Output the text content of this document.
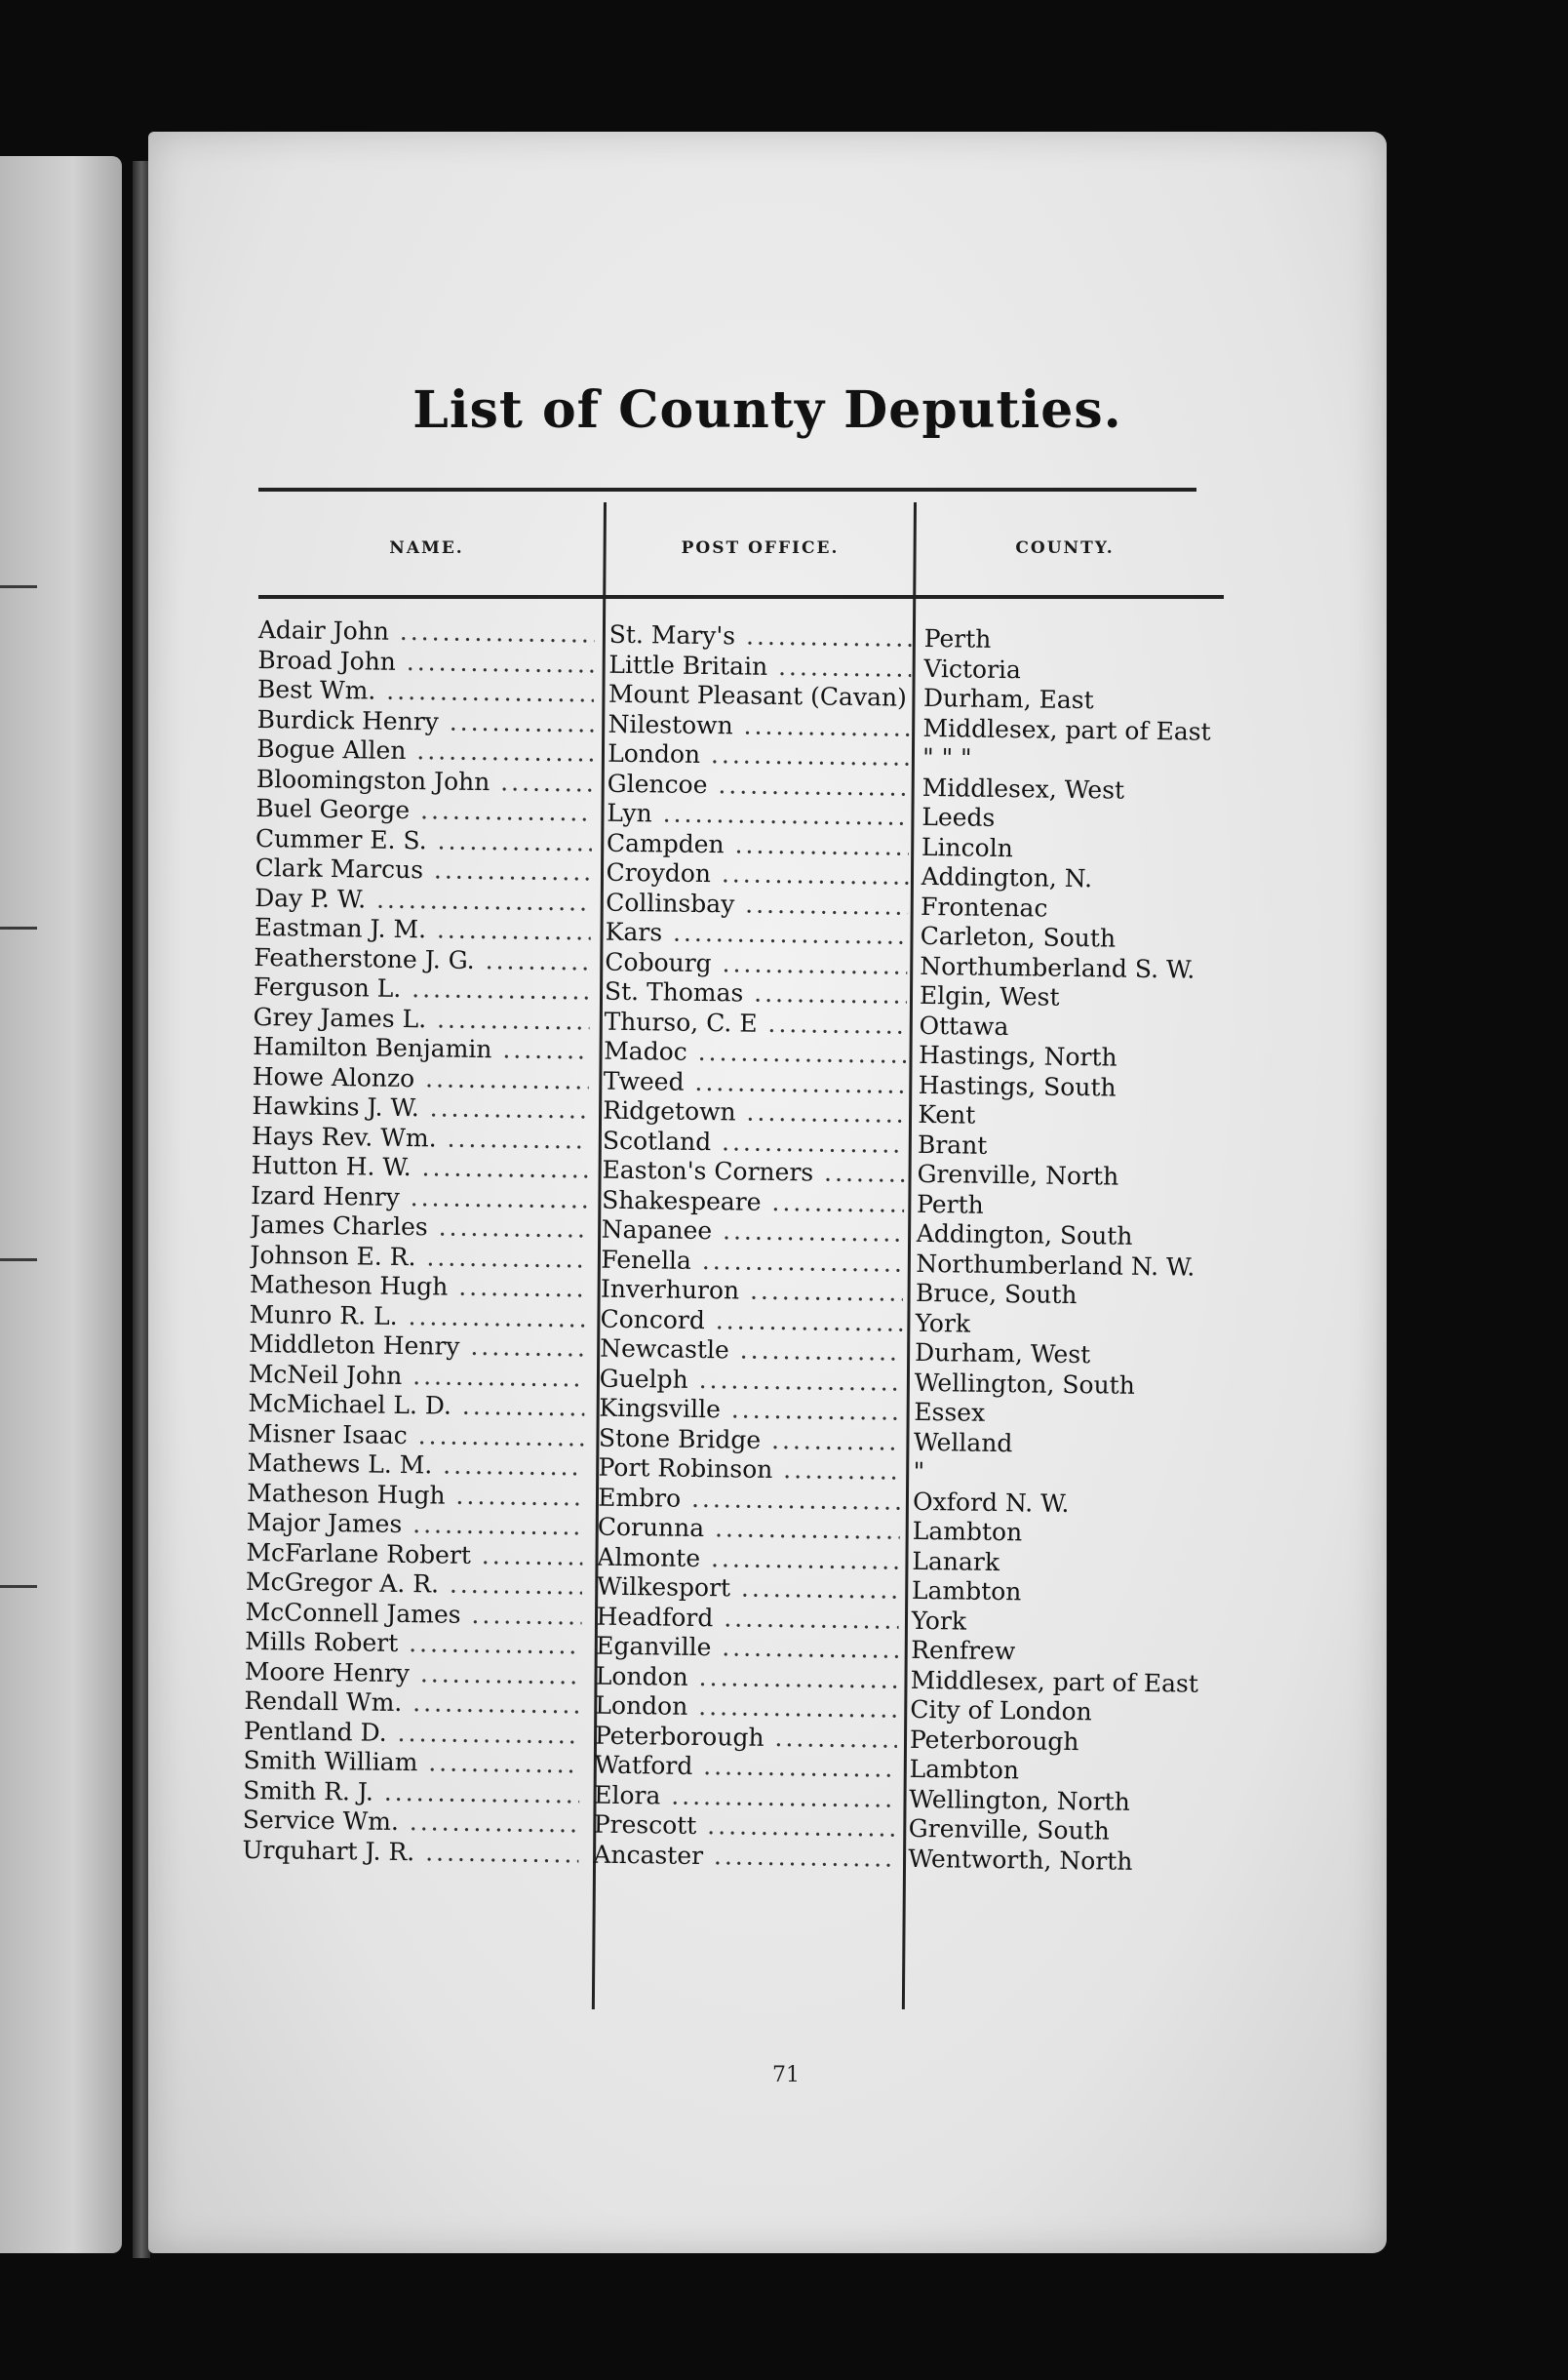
List of County Deputies.
NAME.	POST OFFICE.	COUNTY.
Adair John .....	St. Mary's .....	Perth
Broad John .....	Little Britain .....	Victoria
Best Wm. .....	Mount Pleasant (Cavan) ..... Durham, East
Burdick Henry .....	Nilestown .....	Middlesex, part of East
Bogue Allen .....	London .....	" " "
Bloomingston John .....	Glencoe .....	Middlesex, West
Buel George .....	Lyn .....	Leeds
Cummer E. S. .....	Campden .....	Lincoln
Clark Marcus .....	Croydon .....	Addington, N.
Day P. W. .....	Collinsbay .....	Frontenac
Eastman J. M. .....	Kars .....	Carleton, South
Featherstone J. G. .....	Cobourg .....	Northumberland S. W.
Ferguson L. .....	St. Thomas .....	Elgin, West
Grey James L. .....	Thurso, C. E .....	Ottawa
Hamilton Benjamin .....	Madoc .....	Hastings, North
Howe Alonzo .....	Tweed .....	Hastings, South
Hawkins J. W. .....	Ridgetown .....	Kent
Hays Rev. Wm. .....	Scotland .....	Brant
Hutton H. W. .....	Easton's Corners .....	Grenville, North
Izard Henry .....	Shakespeare .....	Perth
James Charles .....	Napanee .....	Addington, South
Johnson E. R. .....	Fenella .....	Northumberland N. W.
Matheson Hugh .....	Inverhuron .....	Bruce, South
Munro R. L. .....	Concord .....	York
Middleton Henry .....	Newcastle .....	Durham, West
McNeil John .....	Guelph .....	Wellington, South
McMichael L. D. .....	Kingsville .....	Essex
Misner Isaac .....	Stone Bridge .....	Welland
Mathews L. M. .....	Port Robinson .....	"
Matheson Hugh .....	Embro .....	Oxford N. W.
Major James .....	Corunna .....	Lambton
McFarlane Robert .....	Almonte .....	Lanark
McGregor A. R. .....	Wilkesport .....	Lambton
McConnell James .....	Headford .....	York
Mills Robert .....	Eganville .....	Renfrew
Moore Henry .....	London .....	Middlesex, part of East
Rendall Wm. .....	London .....	City of London
Pentland D. .....	Peterborough .....	Peterborough
Smith William .....	Watford .....	Lambton
Smith R. J. .....	Elora .....	Wellington, North
Service Wm. .....	Prescott .....	Grenville, South
Urquhart J. R. .....	Ancaster .....	Wentworth, North
71
